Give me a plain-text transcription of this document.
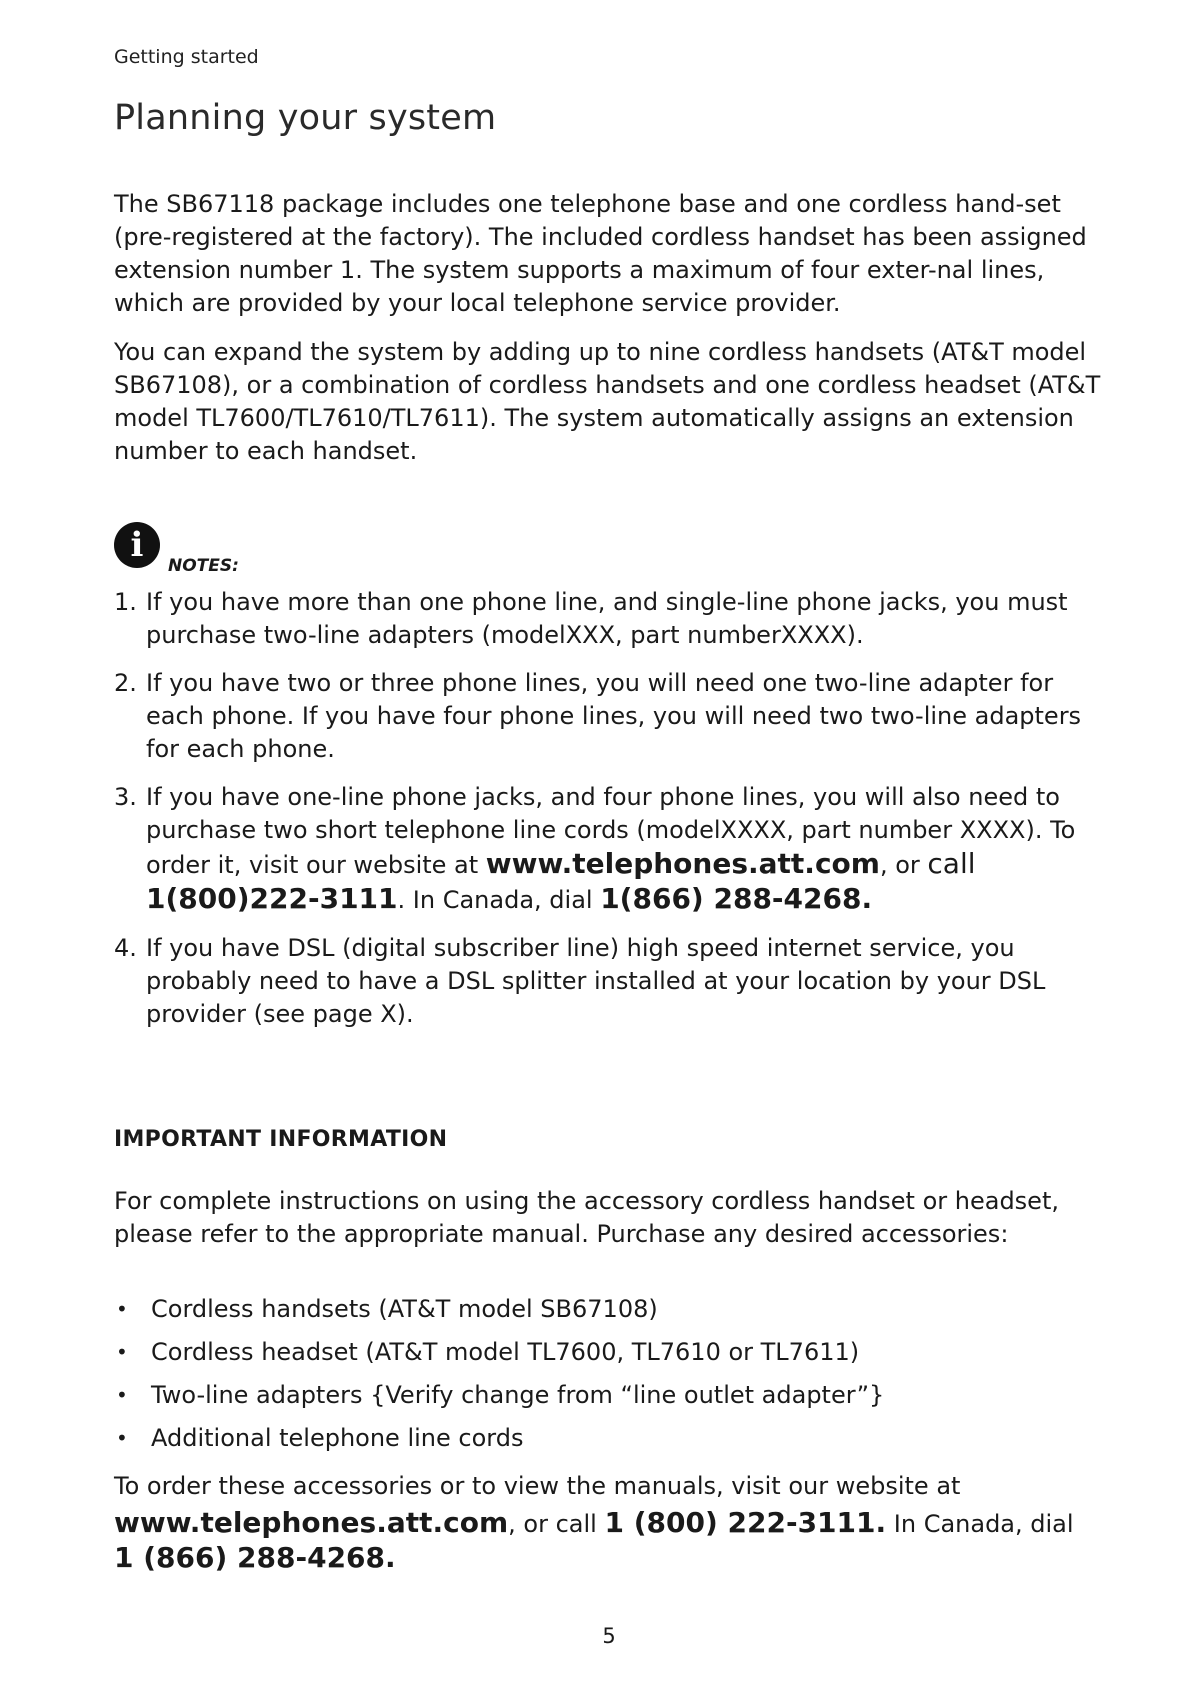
Getting started
Planning your system

The SB67118 package includes one telephone base and one cordless hand-set (pre-registered at the factory). The included cordless handset has been assigned extension number 1. The system supports a maximum of four exter-nal lines, which are provided by your local telephone service provider.

You can expand the system by adding up to nine cordless handsets (AT&T model SB67108), or a combination of cordless handsets and one cordless headset (AT&T model TL7600/TL7610/TL7611). The system automatically assigns an extension number to each handset.

i
NOTES:
1. If you have more than one phone line, and single-line phone jacks, you must purchase two-line adapters (modelXXX, part numberXXXX).
2. If you have two or three phone lines, you will need one two-line adapter for each phone. If you have four phone lines, you will need two two-line adapters for each phone.
3. If you have one-line phone jacks, and four phone lines, you will also need to purchase two short telephone line cords (modelXXXX, part number XXXX). To order it, visit our website at www.telephones.att.com, or call 1(800)222-3111. In Canada, dial 1(866) 288-4268.
4. If you have DSL (digital subscriber line) high speed internet service, you probably need to have a DSL splitter installed at your location by your DSL provider (see page X).
IMPORTANT INFORMATION

For complete instructions on using the accessory cordless handset or headset, please refer to the appropriate manual. Purchase any desired accessories:

• Cordless handsets (AT&T model SB67108)
• Cordless headset (AT&T model TL7600, TL7610 or TL7611)
• Two-line adapters {Verify change from “line outlet adapter”}
• Additional telephone line cords

To order these accessories or to view the manuals, visit our website at

www.telephones.att.com, or call 1 (800) 222-3111. In Canada, dial
1 (866) 288-4268.

5
